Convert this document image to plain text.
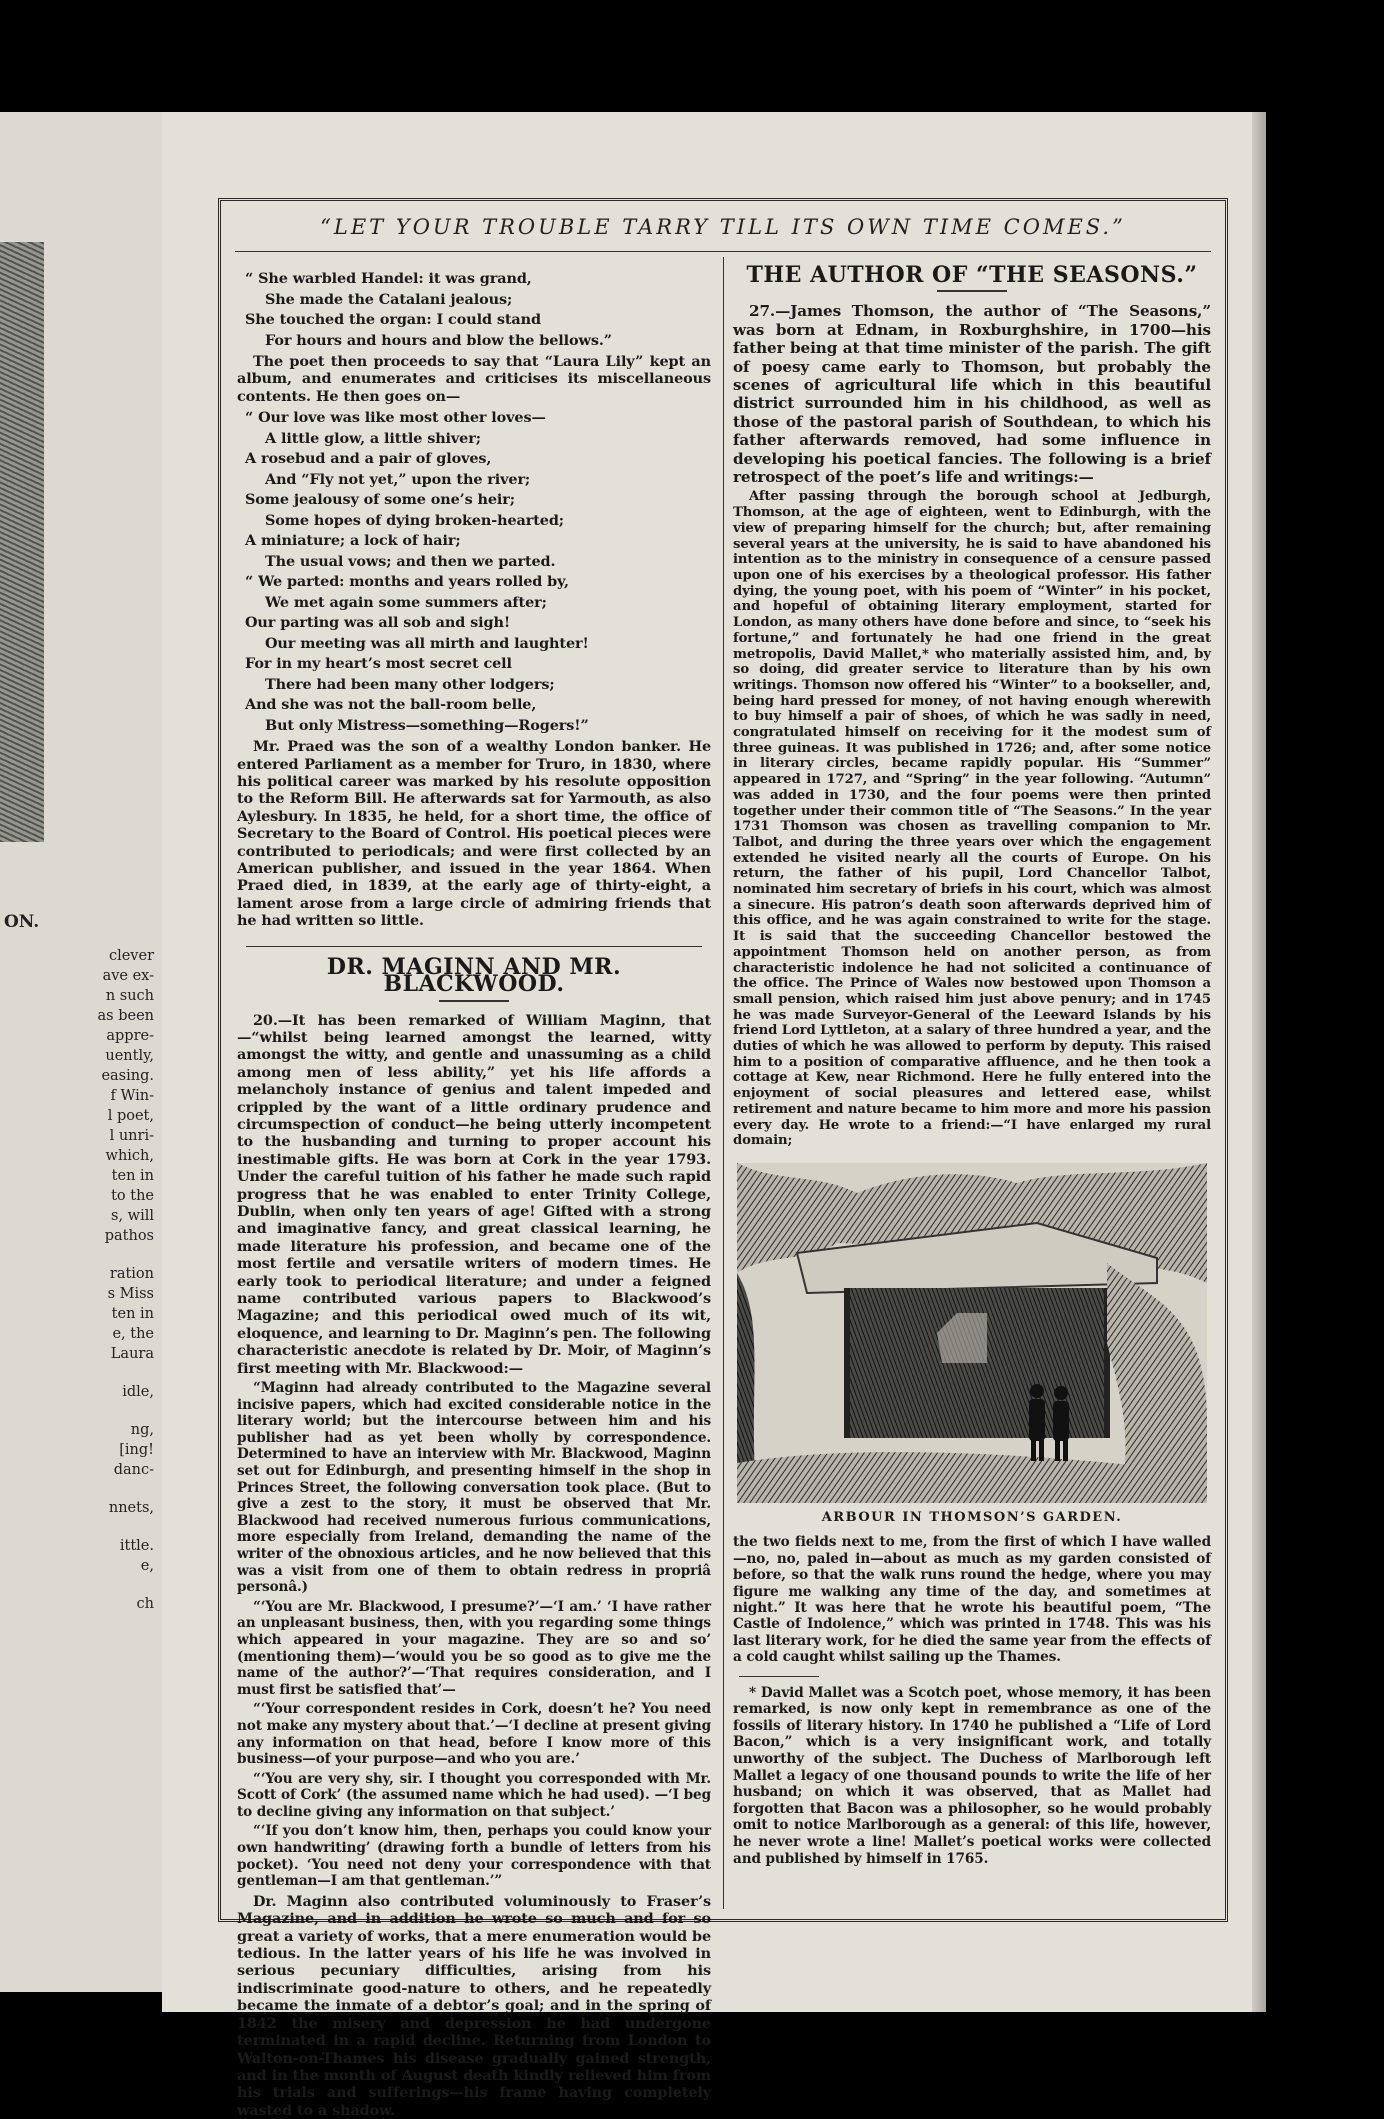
ON.
clever
ave ex-
n such
as been
appre-
uently,
easing.
f Win-
l poet,
l unri-
which,
ten in
to the
s, will
pathos
ration
s Miss
ten in
e, the
Laura
idle,
ng,
[ing!
danc-
nnets,
ittle.
e,
ch
“LET YOUR TROUBLE TARRY TILL ITS OWN TIME COMES.”
“ She warbled Handel: it was grand,
She made the Catalani jealous;
She touched the organ: I could stand
For hours and hours and blow the bellows.”

The poet then proceeds to say that “Laura Lily” kept an album, and enumerates and criticises its miscellaneous contents. He then goes on—

“ Our love was like most other loves—
A little glow, a little shiver;
A rosebud and a pair of gloves,
And “Fly not yet,” upon the river;
Some jealousy of some one’s heir;
Some hopes of dying broken-hearted;
A miniature; a lock of hair;
The usual vows; and then we parted.
“ We parted: months and years rolled by,
We met again some summers after;
Our parting was all sob and sigh!
Our meeting was all mirth and laughter!
For in my heart’s most secret cell
There had been many other lodgers;
And she was not the ball-room belle,
But only Mistress—something—Rogers!”

Mr. Praed was the son of a wealthy London banker. He entered Parliament as a member for Truro, in 1830, where his political career was marked by his resolute opposition to the Reform Bill. He afterwards sat for Yarmouth, as also Aylesbury. In 1835, he held, for a short time, the office of Secretary to the Board of Control. His poetical pieces were contributed to periodicals; and were first collected by an American publisher, and issued in the year 1864. When Praed died, in 1839, at the early age of thirty-eight, a lament arose from a large circle of admiring friends that he had written so little.

DR. MAGINN AND MR. BLACKWOOD.

20.—It has been remarked of William Maginn, that—“whilst being learned amongst the learned, witty amongst the witty, and gentle and unassuming as a child among men of less ability,” yet his life affords a melancholy instance of genius and talent impeded and crippled by the want of a little ordinary prudence and circumspection of conduct—he being utterly incompetent to the husbanding and turning to proper account his inestimable gifts. He was born at Cork in the year 1793. Under the careful tuition of his father he made such rapid progress that he was enabled to enter Trinity College, Dublin, when only ten years of age! Gifted with a strong and imaginative fancy, and great classical learning, he made literature his profession, and became one of the most fertile and versatile writers of modern times. He early took to periodical literature; and under a feigned name contributed various papers to Blackwood’s Magazine; and this periodical owed much of its wit, eloquence, and learning to Dr. Maginn’s pen. The following characteristic anecdote is related by Dr. Moir, of Maginn’s first meeting with Mr. Blackwood:—

“Maginn had already contributed to the Magazine several incisive papers, which had excited considerable notice in the literary world; but the intercourse between him and his publisher had as yet been wholly by correspondence. Determined to have an interview with Mr. Blackwood, Maginn set out for Edinburgh, and presenting himself in the shop in Princes Street, the following conversation took place. (But to give a zest to the story, it must be observed that Mr. Blackwood had received numerous furious communications, more especially from Ireland, demanding the name of the writer of the obnoxious articles, and he now believed that this was a visit from one of them to obtain redress in propriâ personâ.)

“‘You are Mr. Blackwood, I presume?’—‘I am.’ ‘I have rather an unpleasant business, then, with you regarding some things which appeared in your magazine. They are so and so’ (mentioning them)—‘would you be so good as to give me the name of the author?’—‘That requires consideration, and I must first be satisfied that’—

“‘Your correspondent resides in Cork, doesn’t he? You need not make any mystery about that.’—‘I decline at present giving any information on that head, before I know more of this business—of your purpose—and who you are.’

“‘You are very shy, sir. I thought you corresponded with Mr. Scott of Cork’ (the assumed name which he had used). —‘I beg to decline giving any information on that subject.’

“‘If you don’t know him, then, perhaps you could know your own handwriting’ (drawing forth a bundle of letters from his pocket). ‘You need not deny your correspondence with that gentleman—I am that gentleman.’”

Dr. Maginn also contributed voluminously to Fraser’s Magazine, and in addition he wrote so much and for so great a variety of works, that a mere enumeration would be tedious. In the latter years of his life he was involved in serious pecuniary difficulties, arising from his indiscriminate good-nature to others, and he repeatedly became the inmate of a debtor’s goal; and in the spring of 1842 the misery and depression he had undergone terminated in a rapid decline. Returning from London to Walton-on-Thames his disease gradually gained strength, and in the month of August death kindly relieved him from his trials and sufferings—his frame having completely wasted to a shadow.

THE AUTHOR OF “THE SEASONS.”

27.—James Thomson, the author of “The Seasons,” was born at Ednam, in Roxburghshire, in 1700—his father being at that time minister of the parish. The gift of poesy came early to Thomson, but probably the scenes of agricultural life which in this beautiful district surrounded him in his childhood, as well as those of the pastoral parish of Southdean, to which his father afterwards removed, had some influence in developing his poetical fancies. The following is a brief retrospect of the poet’s life and writings:—

After passing through the borough school at Jedburgh, Thomson, at the age of eighteen, went to Edinburgh, with the view of preparing himself for the church; but, after remaining several years at the university, he is said to have abandoned his intention as to the ministry in consequence of a censure passed upon one of his exercises by a theological professor. His father dying, the young poet, with his poem of “Winter” in his pocket, and hopeful of obtaining literary employment, started for London, as many others have done before and since, to “seek his fortune,” and fortunately he had one friend in the great metropolis, David Mallet,* who materially assisted him, and, by so doing, did greater service to literature than by his own writings. Thomson now offered his “Winter” to a bookseller, and, being hard pressed for money, of not having enough wherewith to buy himself a pair of shoes, of which he was sadly in need, congratulated himself on receiving for it the modest sum of three guineas. It was published in 1726; and, after some notice in literary circles, became rapidly popular. His “Summer” appeared in 1727, and “Spring” in the year following. “Autumn” was added in 1730, and the four poems were then printed together under their common title of “The Seasons.” In the year 1731 Thomson was chosen as travelling companion to Mr. Talbot, and during the three years over which the engagement extended he visited nearly all the courts of Europe. On his return, the father of his pupil, Lord Chancellor Talbot, nominated him secretary of briefs in his court, which was almost a sinecure. His patron’s death soon afterwards deprived him of this office, and he was again constrained to write for the stage. It is said that the succeeding Chancellor bestowed the appointment Thomson held on another person, as from characteristic indolence he had not solicited a continuance of the office. The Prince of Wales now bestowed upon Thomson a small pension, which raised him just above penury; and in 1745 he was made Surveyor-General of the Leeward Islands by his friend Lord Lyttleton, at a salary of three hundred a year, and the duties of which he was allowed to perform by deputy. This raised him to a position of comparative affluence, and he then took a cottage at Kew, near Richmond. Here he fully entered into the enjoyment of social pleasures and lettered ease, whilst retirement and nature became to him more and more his passion every day. He wrote to a friend:—“I have enlarged my rural domain;

ARBOUR IN THOMSON’S GARDEN.

the two fields next to me, from the first of which I have walled—no, no, paled in—about as much as my garden consisted of before, so that the walk runs round the hedge, where you may figure me walking any time of the day, and sometimes at night.” It was here that he wrote his beautiful poem, “The Castle of Indolence,” which was printed in 1748. This was his last literary work, for he died the same year from the effects of a cold caught whilst sailing up the Thames.

* David Mallet was a Scotch poet, whose memory, it has been remarked, is now only kept in remembrance as one of the fossils of literary history. In 1740 he published a “Life of Lord Bacon,” which is a very insignificant work, and totally unworthy of the subject. The Duchess of Marlborough left Mallet a legacy of one thousand pounds to write the life of her husband; on which it was observed, that as Mallet had forgotten that Bacon was a philosopher, so he would probably omit to notice Marlborough as a general: of this life, however, he never wrote a line! Mallet’s poetical works were collected and published by himself in 1765.
